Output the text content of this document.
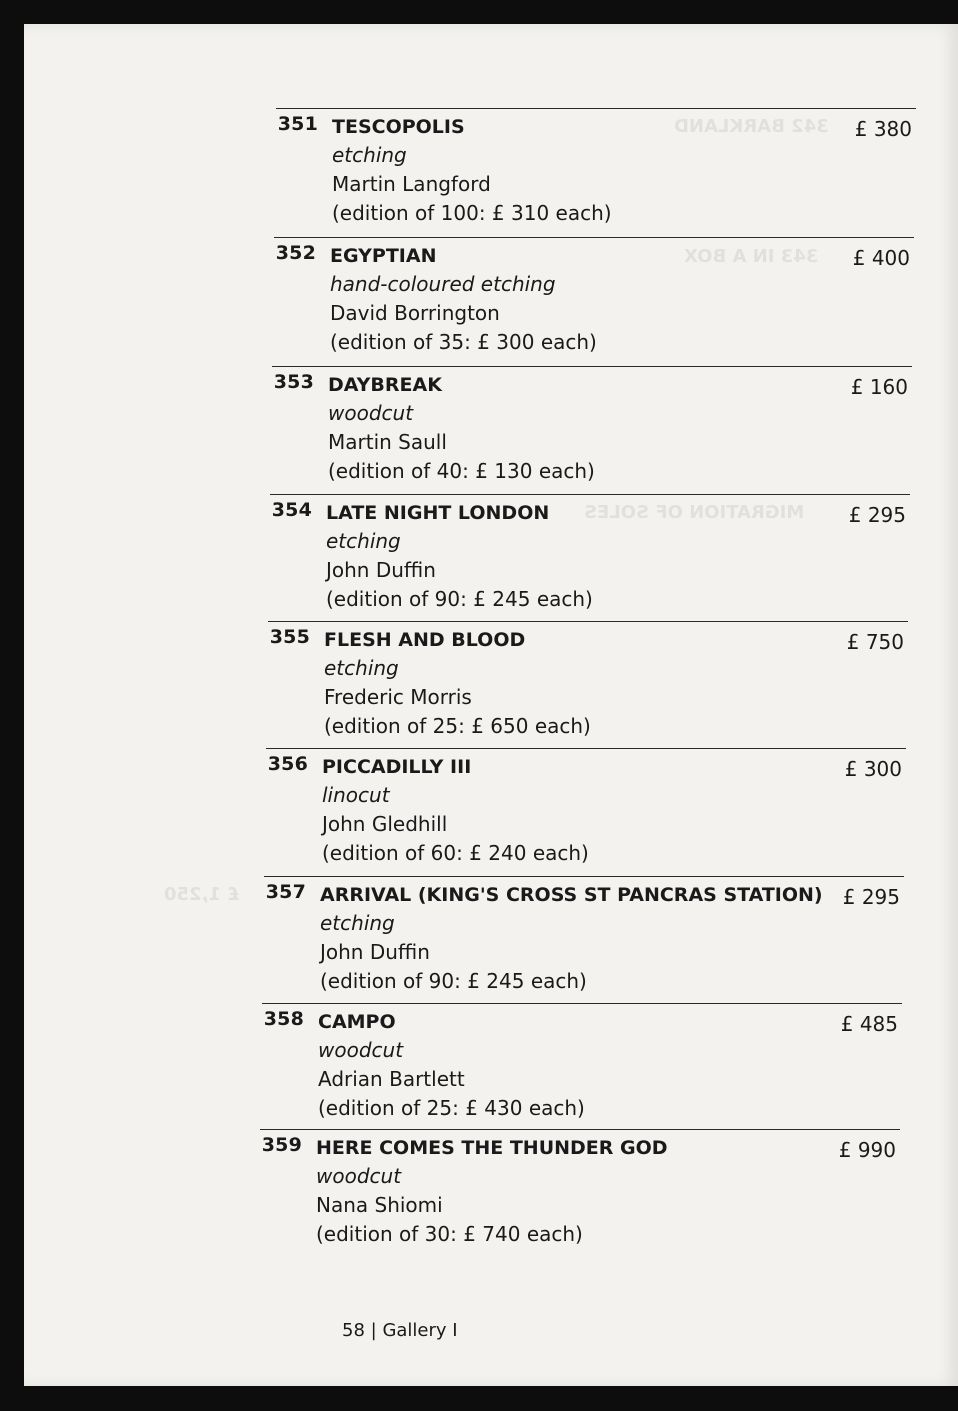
342 BARKLAND
343 IN A BOX
MIGRATION OF SOLES
£ 1,250
351 TESCOPOLIS
etching
Martin Langford
(edition of 100: £ 310 each)
£ 380
352 EGYPTIAN
hand-coloured etching
David Borrington
(edition of 35: £ 300 each)
£ 400
353 DAYBREAK
woodcut
Martin Saull
(edition of 40: £ 130 each)
£ 160
354 LATE NIGHT LONDON
etching
John Duffin
(edition of 90: £ 245 each)
£ 295
355 FLESH AND BLOOD
etching
Frederic Morris
(edition of 25: £ 650 each)
£ 750
356 PICCADILLY III
linocut
John Gledhill
(edition of 60: £ 240 each)
£ 300
357 ARRIVAL (KING'S CROSS ST PANCRAS STATION)
etching
John Duffin
(edition of 90: £ 245 each)
£ 295
358 CAMPO
woodcut
Adrian Bartlett
(edition of 25: £ 430 each)
£ 485
359 HERE COMES THE THUNDER GOD
woodcut
Nana Shiomi
(edition of 30: £ 740 each)
£ 990
58 | Gallery I
